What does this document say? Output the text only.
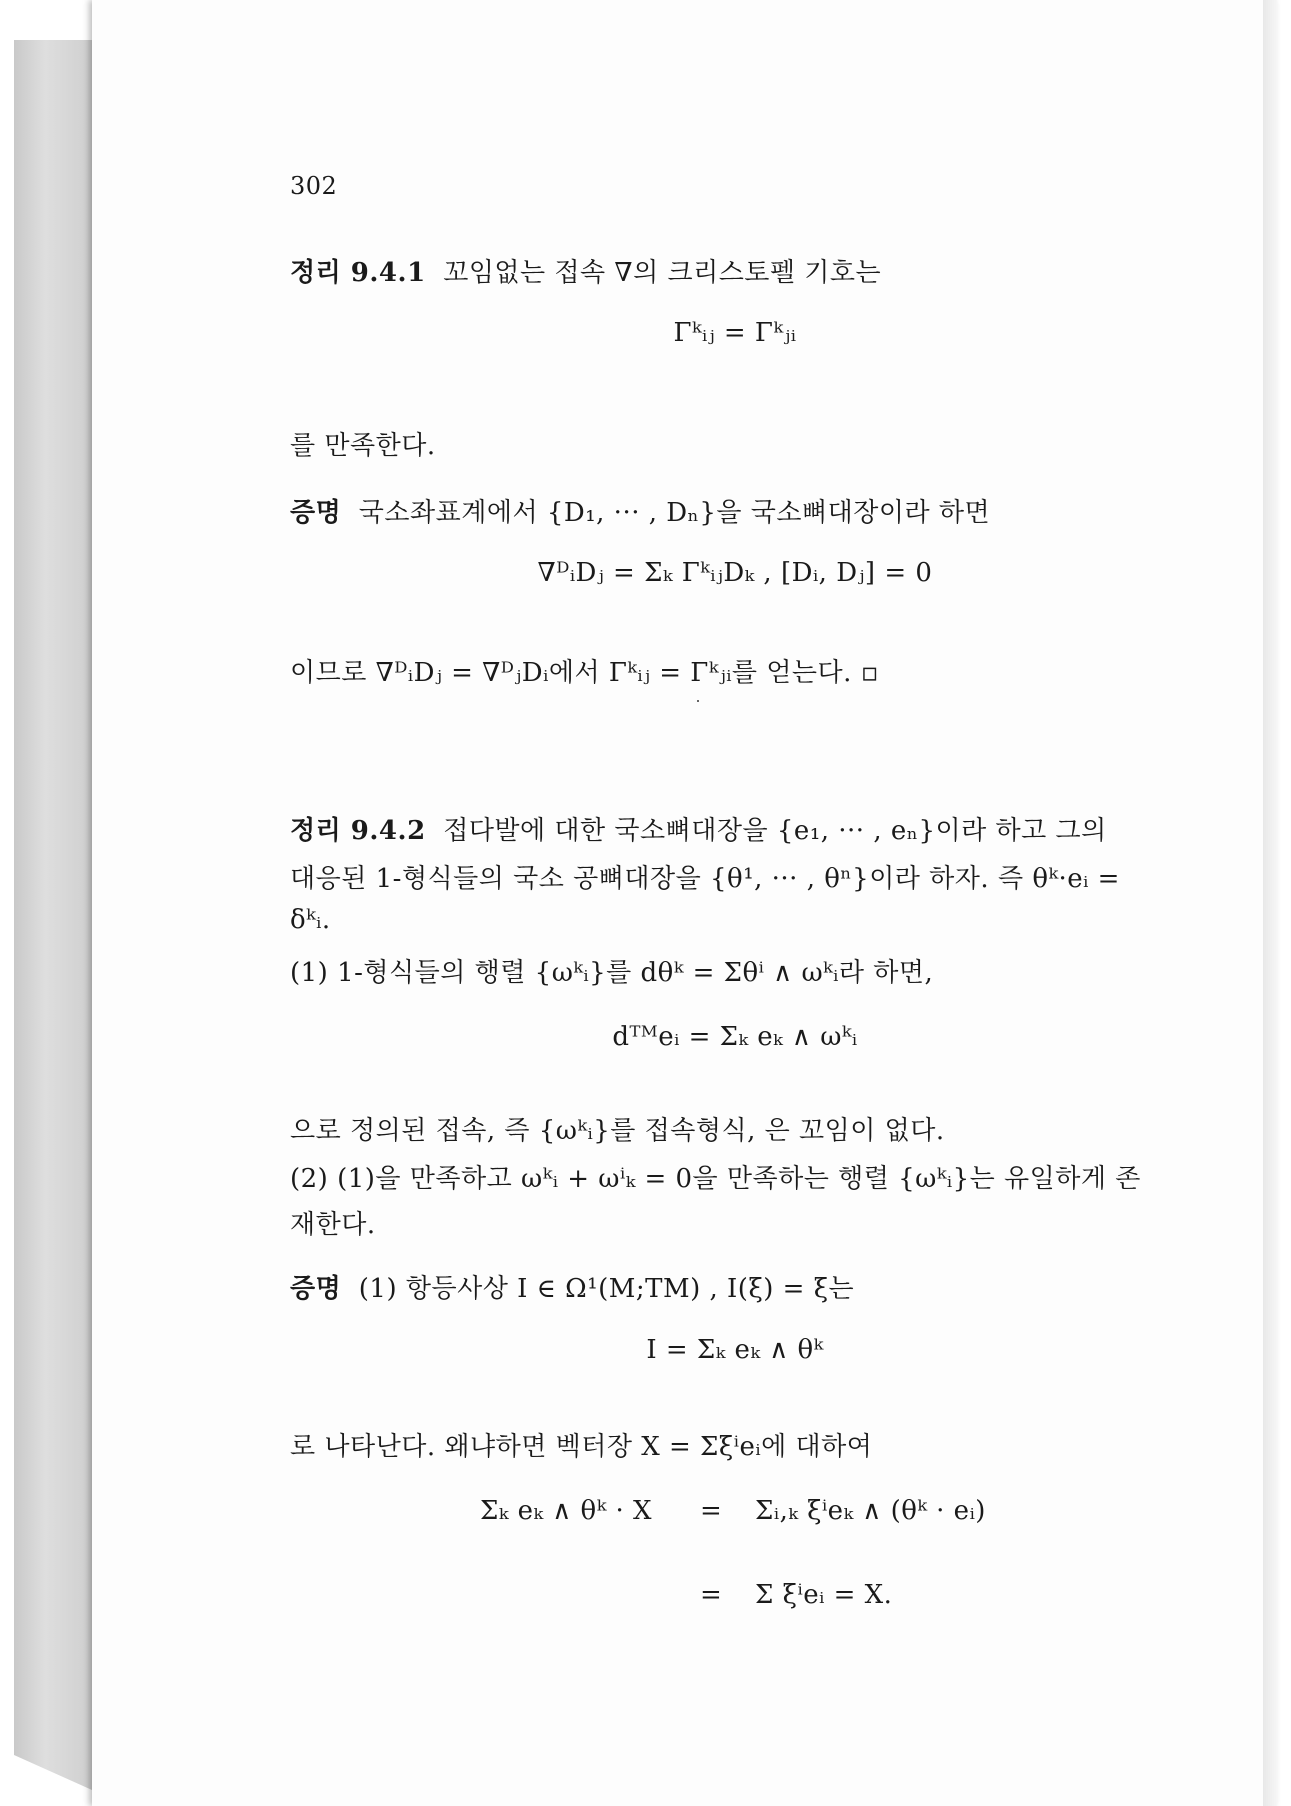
302
정리 9.4.1 꼬임없는 접속 ∇의 크리스토펠 기호는
Γᵏᵢⱼ = Γᵏⱼᵢ
를 만족한다.
증명 국소좌표계에서 {D₁, ··· , Dₙ}을 국소뼈대장이라 하면
∇ᴰᵢDⱼ = Σₖ ΓᵏᵢⱼDₖ , [Dᵢ, Dⱼ] = 0
이므로 ∇ᴰᵢDⱼ = ∇ᴰⱼDᵢ에서 Γᵏᵢⱼ = Γᵏⱼᵢ를 얻는다. ▫
정리 9.4.2 접다발에 대한 국소뼈대장을 {e₁, ··· , eₙ}이라 하고 그의
대응된 1-형식들의 국소 공뼈대장을 {θ¹, ··· , θⁿ}이라 하자. 즉 θᵏ·eᵢ =
δᵏᵢ.
(1) 1-형식들의 행렬 {ωᵏᵢ}를 dθᵏ = Σθⁱ ∧ ωᵏᵢ라 하면,
dᵀᴹeᵢ = Σₖ eₖ ∧ ωᵏᵢ
으로 정의된 접속, 즉 {ωᵏᵢ}를 접속형식, 은 꼬임이 없다.
(2) (1)을 만족하고 ωᵏᵢ + ωⁱₖ = 0을 만족하는 행렬 {ωᵏᵢ}는 유일하게 존
재한다.
증명 (1) 항등사상 I ∈ Ω¹(M;TM) , I(ξ) = ξ는
I = Σₖ eₖ ∧ θᵏ
로 나타난다. 왜냐하면 벡터장 X = Σξⁱeᵢ에 대하여
Σₖ eₖ ∧ θᵏ · X = Σᵢ,ₖ ξⁱeₖ ∧ (θᵏ · eᵢ)
= Σ ξⁱeᵢ = X.
